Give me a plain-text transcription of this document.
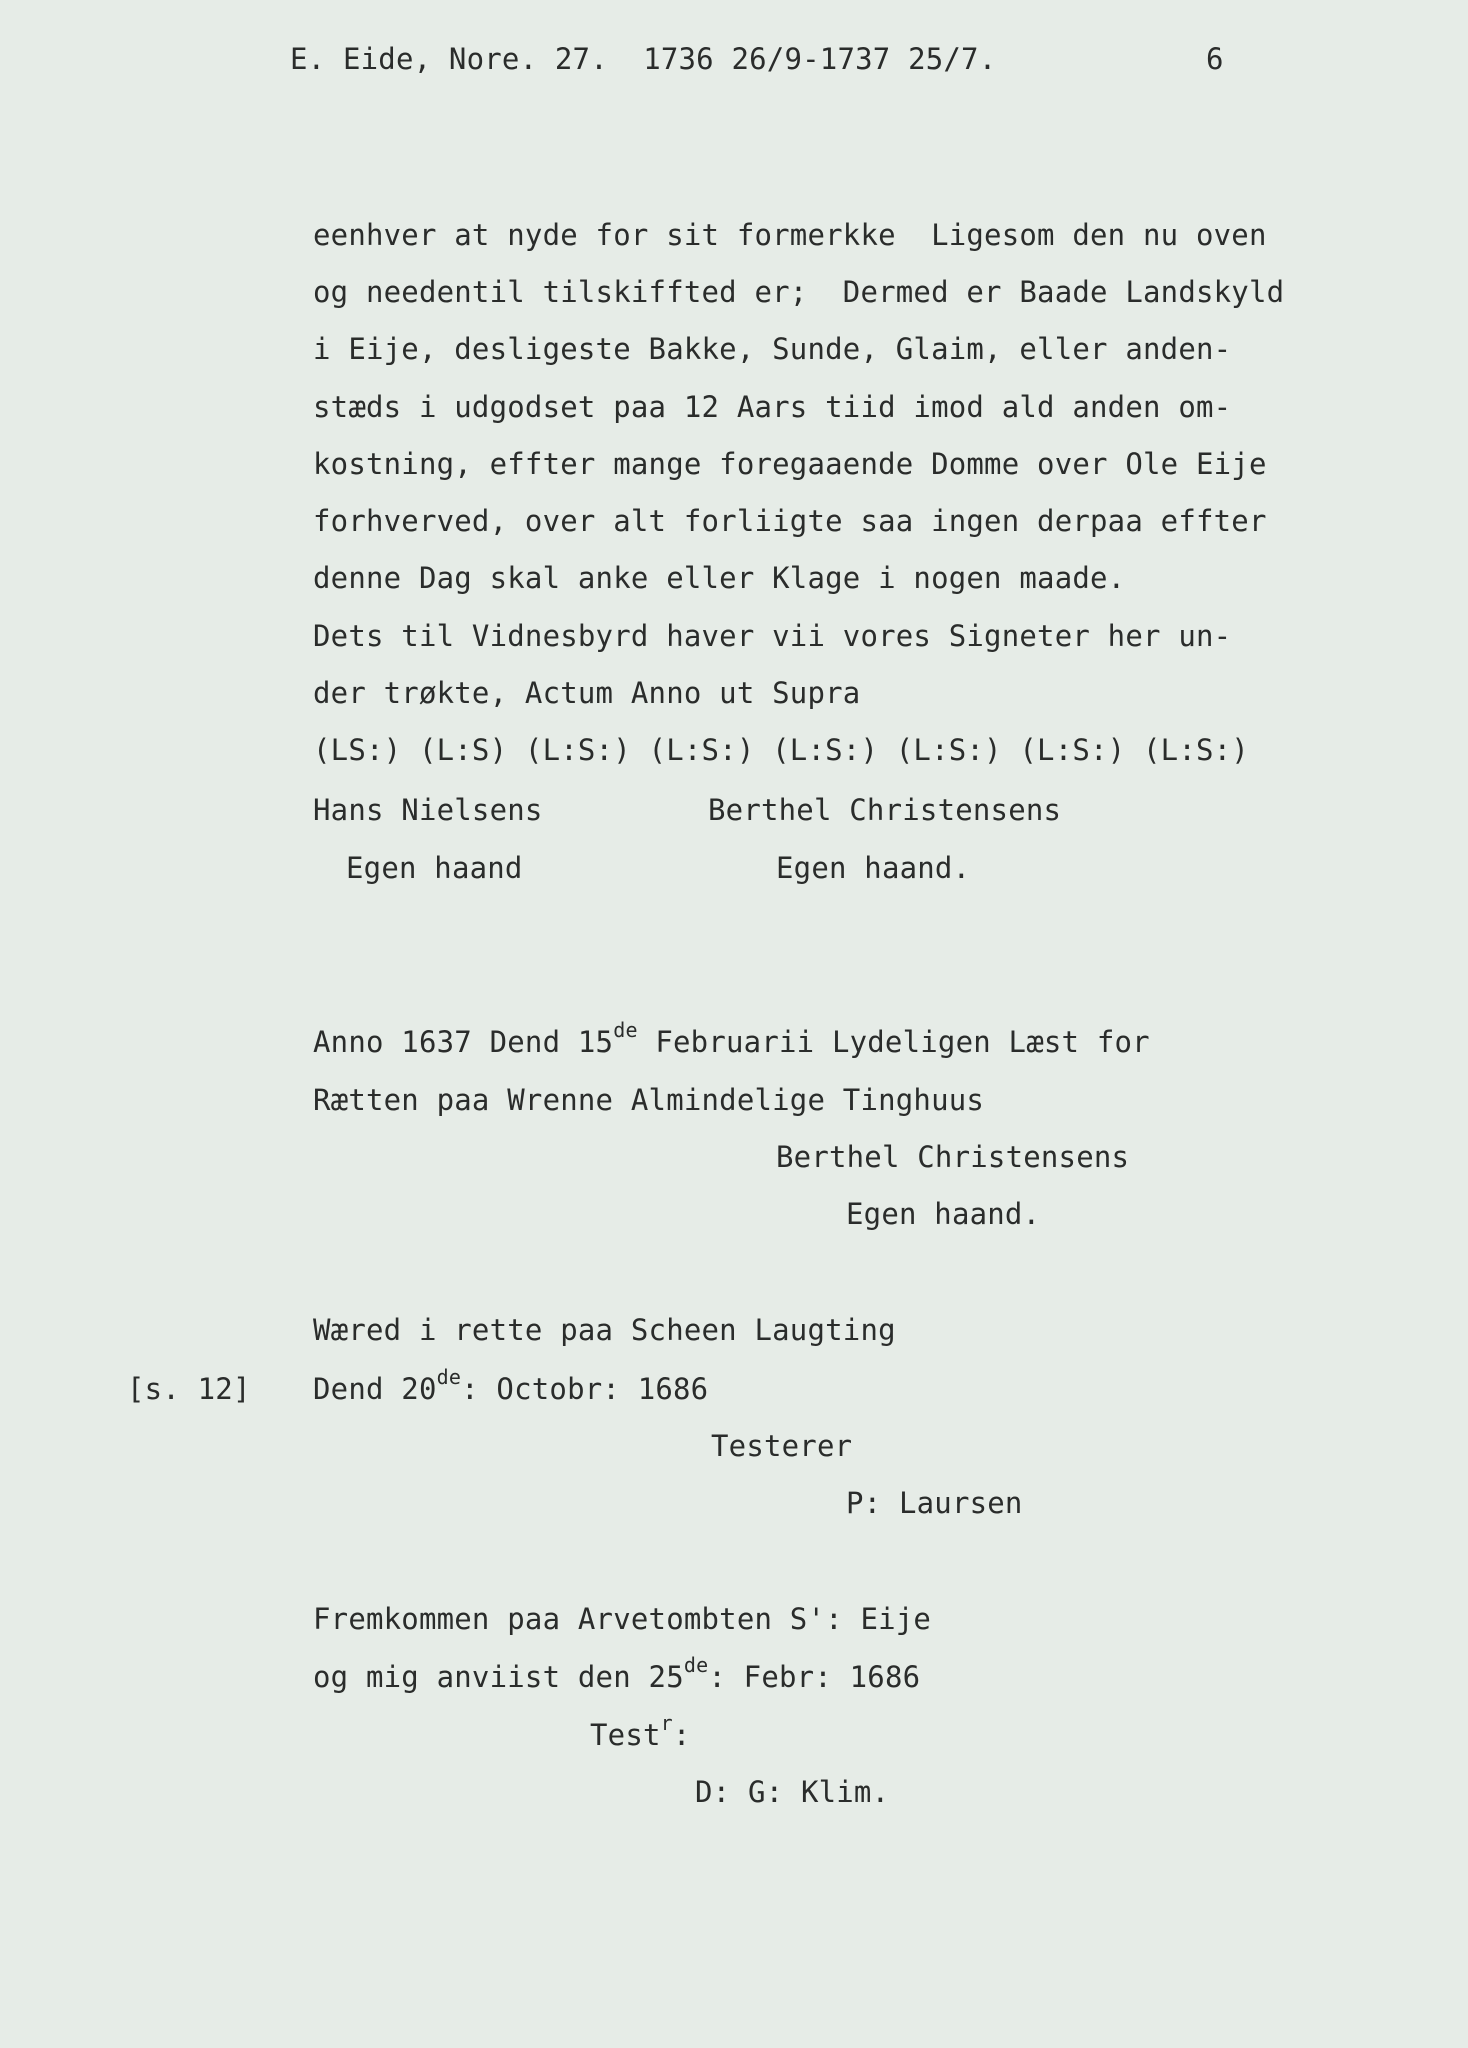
E. Eide, Nore. 27.  1736 26/9-1737 25/7.	6
eenhver at nyde for sit formerkke  Ligesom den nu oven
og needentil tilskiffted er;  Dermed er Baade Landskyld
i Eije, desligeste Bakke, Sunde, Glaim, eller anden-
stæds i udgodset paa 12 Aars tiid imod ald anden om-
kostning, effter mange foregaaende Domme over Ole Eije
forhverved, over alt forliigte saa ingen derpaa effter
denne Dag skal anke eller Klage i nogen maade.
Dets til Vidnesbyrd haver vii vores Signeter her un-
der trøkte, Actum Anno ut Supra
(LS:) (L:S) (L:S:) (L:S:) (L:S:) (L:S:) (L:S:) (L:S:)
Hans Nielsens	Berthel Christensens
Egen haand	Egen haand.
Anno 1637 Dend 15de Februarii Lydeligen Læst for
Rætten paa Wrenne Almindelige Tinghuus
Berthel Christensens
Egen haand.
Wæred i rette paa Scheen Laugting
[s. 12] Dend 20de: Octobr: 1686
Testerer
P: Laursen
Fremkommen paa Arvetombten S': Eije
og mig anviist den 25de: Febr: 1686
Test$^r$:
D: G: Klim.
